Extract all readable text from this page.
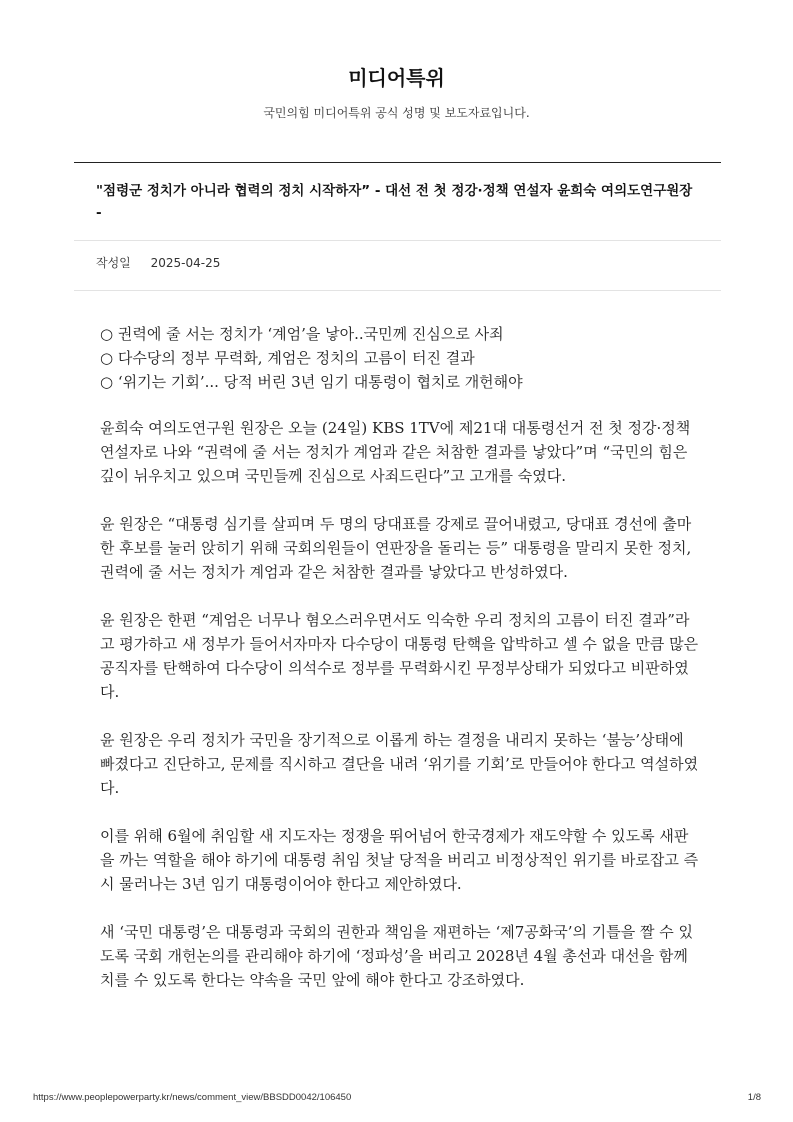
미디어특위
국민의힘 미디어특위 공식 성명 및 보도자료입니다.
"점령군 정치가 아니라 협력의 정치 시작하자” - 대선 전 첫 정강·정책 연설자 윤희숙 여의도연구원장 -
작성일 2025-04-25

○ 권력에 줄 서는 정치가 ‘계엄’을 낳아..국민께 진심으로 사죄
○ 다수당의 정부 무력화, 계엄은 정치의 고름이 터진 결과
○ ‘위기는 기회’... 당적 버린 3년 임기 대통령이 협치로 개헌해야

윤희숙 여의도연구원 원장은 오늘 (24일) KBS 1TV에 제21대 대통령선거 전 첫 정강·정책 연설자로 나와 “권력에 줄 서는 정치가 계엄과 같은 처참한 결과를 낳았다”며 “국민의 힘은 깊이 뉘우치고 있으며 국민들께 진심으로 사죄드린다”고 고개를 숙였다.

윤 원장은 “대통령 심기를 살피며 두 명의 당대표를 강제로 끌어내렸고, 당대표 경선에 출마한 후보를 눌러 앉히기 위해 국회의원들이 연판장을 돌리는 등” 대통령을 말리지 못한 정치, 권력에 줄 서는 정치가 계엄과 같은 처참한 결과를 낳았다고 반성하였다.

윤 원장은 한편 “계엄은 너무나 혐오스러우면서도 익숙한 우리 정치의 고름이 터진 결과”라고 평가하고 새 정부가 들어서자마자 다수당이 대통령 탄핵을 압박하고 셀 수 없을 만큼 많은 공직자를 탄핵하여 다수당이 의석수로 정부를 무력화시킨 무정부상태가 되었다고 비판하였다.

윤 원장은 우리 정치가 국민을 장기적으로 이롭게 하는 결정을 내리지 못하는 ‘불능’상태에 빠졌다고 진단하고, 문제를 직시하고 결단을 내려 ‘위기를 기회’로 만들어야 한다고 역설하였다.

이를 위해 6월에 취임할 새 지도자는 정쟁을 뛰어넘어 한국경제가 재도약할 수 있도록 새판을 까는 역할을 해야 하기에 대통령 취임 첫날 당적을 버리고 비정상적인 위기를 바로잡고 즉시 물러나는 3년 임기 대통령이어야 한다고 제안하였다.

새 ‘국민 대통령’은 대통령과 국회의 권한과 책임을 재편하는 ‘제7공화국’의 기틀을 짤 수 있도록 국회 개헌논의를 관리해야 하기에 ‘정파성’을 버리고 2028년 4월 총선과 대선을 함께 치를 수 있도록 한다는 약속을 국민 앞에 해야 한다고 강조하였다.

https://www.peoplepowerparty.kr/news/comment_view/BBSDD0042/106450	1/8
